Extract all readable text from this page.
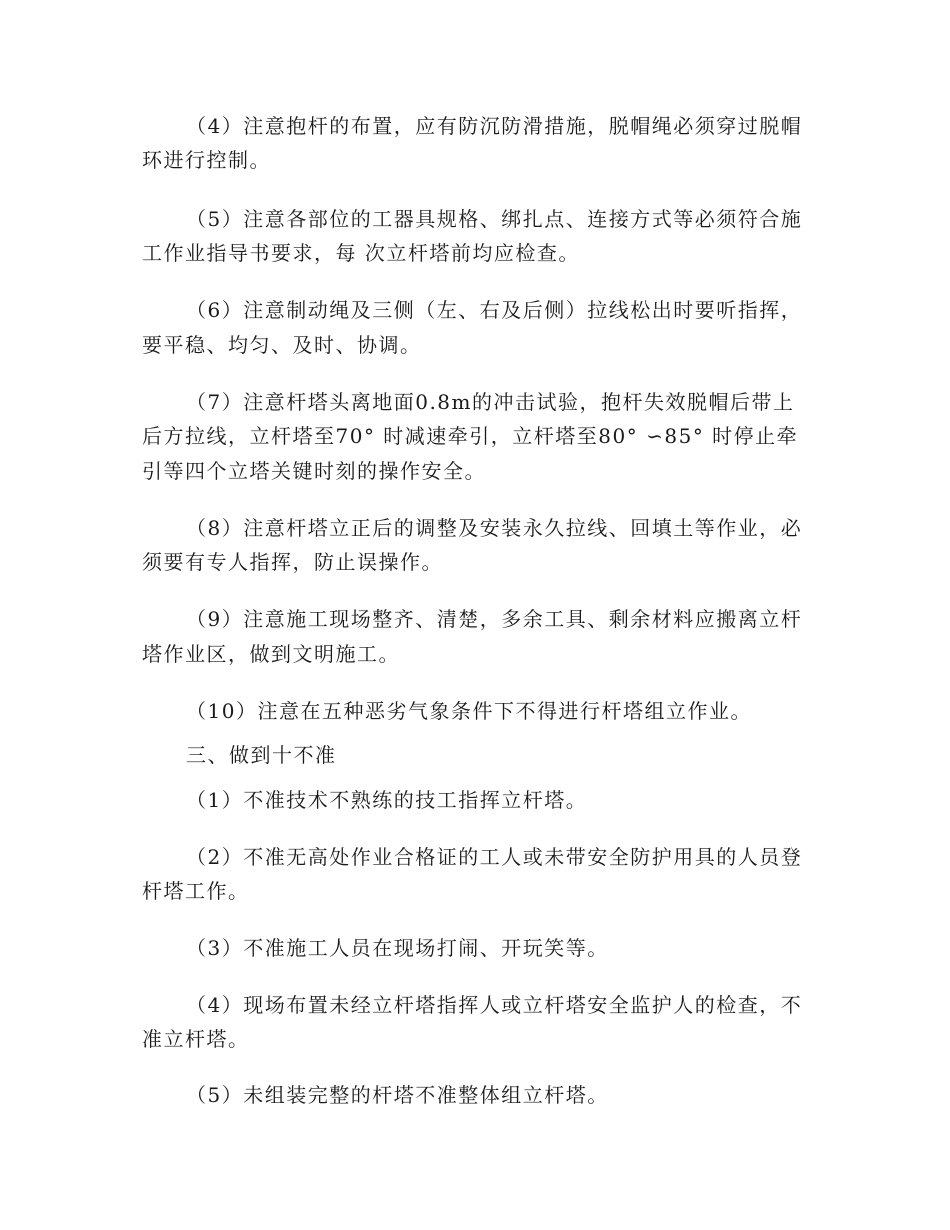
（4）注意抱杆的布置，应有防沉防滑措施，脱帽绳必须穿过脱帽
环进行控制。
（5）注意各部位的工器具规格、绑扎点、连接方式等必须符合施
工作业指导书要求，每 次立杆塔前均应检查。
（6）注意制动绳及三侧（左、右及后侧）拉线松出时要听指挥，
要平稳、均匀、及时、协调。
（7）注意杆塔头离地面0.8m的冲击试验，抱杆失效脱帽后带上
后方拉线，立杆塔至70° 时减速牵引，立杆塔至80° ∽85° 时停止牵
引等四个立塔关键时刻的操作安全。
（8）注意杆塔立正后的调整及安装永久拉线、回填土等作业，必
须要有专人指挥，防止误操作。
（9）注意施工现场整齐、清楚，多余工具、剩余材料应搬离立杆
塔作业区，做到文明施工。
（10）注意在五种恶劣气象条件下不得进行杆塔组立作业。
三、做到十不准
（1）不准技术不熟练的技工指挥立杆塔。
（2）不准无高处作业合格证的工人或未带安全防护用具的人员登
杆塔工作。
（3）不准施工人员在现场打闹、开玩笑等。
（4）现场布置未经立杆塔指挥人或立杆塔安全监护人的检查，不
准立杆塔。
（5）未组装完整的杆塔不准整体组立杆塔。
